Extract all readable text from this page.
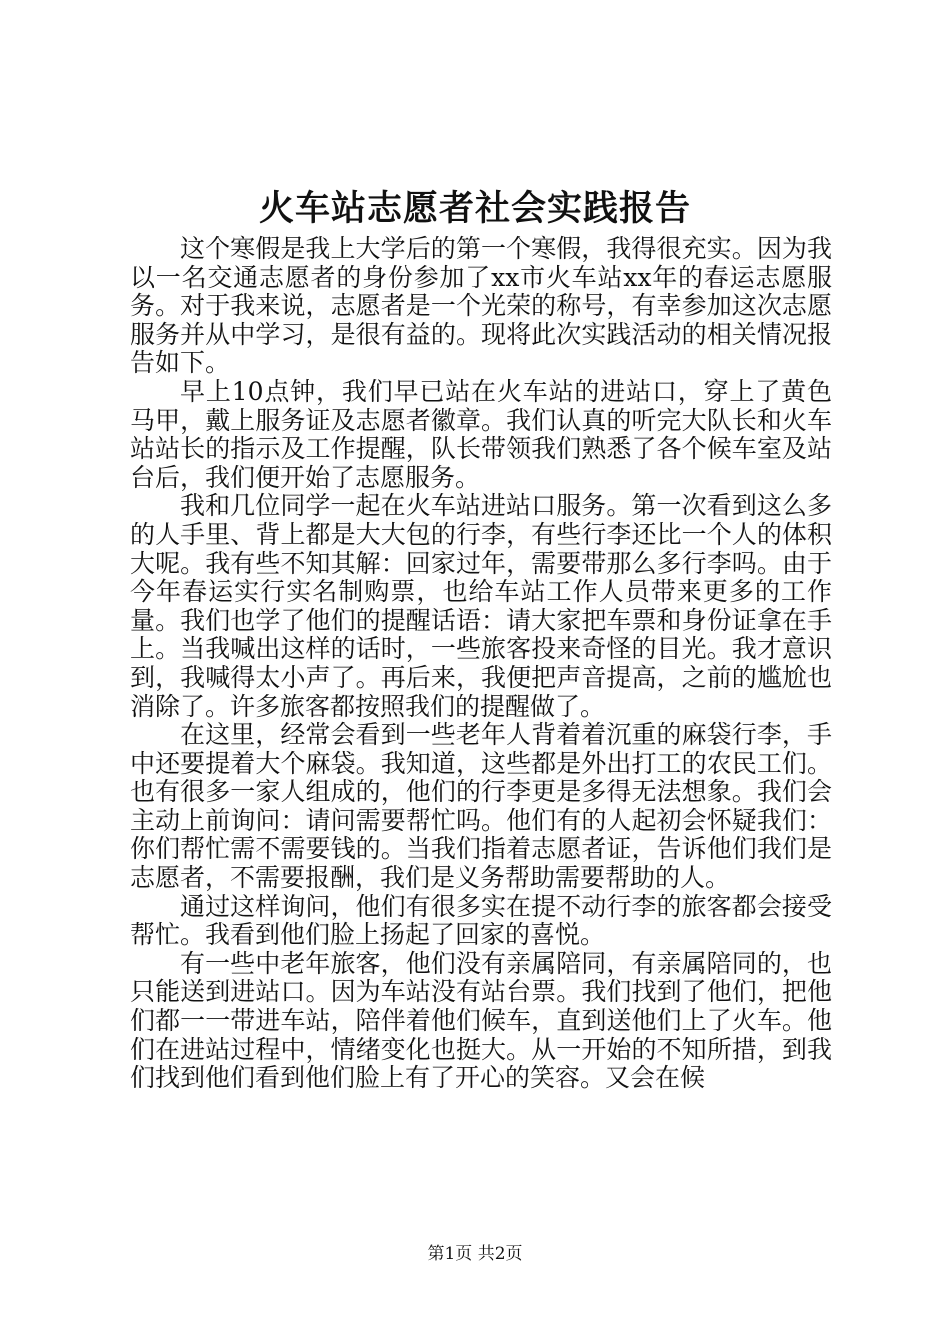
火车站志愿者社会实践报告

这个寒假是我上大学后的第一个寒假，我得很充实。因为我以一名交通志愿者的身份参加了xx市火车站xx年的春运志愿服务。对于我来说，志愿者是一个光荣的称号，有幸参加这次志愿服务并从中学习，是很有益的。现将此次实践活动的相关情况报告如下。

早上10点钟，我们早已站在火车站的进站口，穿上了黄色马甲，戴上服务证及志愿者徽章。我们认真的听完大队长和火车站站长的指示及工作提醒，队长带领我们熟悉了各个候车室及站台后，我们便开始了志愿服务。

我和几位同学一起在火车站进站口服务。第一次看到这么多的人手里、背上都是大大包的行李，有些行李还比一个人的体积大呢。我有些不知其解：回家过年，需要带那么多行李吗。由于今年春运实行实名制购票，也给车站工作人员带来更多的工作量。我们也学了他们的提醒话语：请大家把车票和身份证拿在手上。当我喊出这样的话时，一些旅客投来奇怪的目光。我才意识到，我喊得太小声了。再后来，我便把声音提高，之前的尴尬也消除了。许多旅客都按照我们的提醒做了。

在这里，经常会看到一些老年人背着着沉重的麻袋行李，手中还要提着大个麻袋。我知道，这些都是外出打工的农民工们。也有很多一家人组成的，他们的行李更是多得无法想象。我们会主动上前询问：请问需要帮忙吗。他们有的人起初会怀疑我们：你们帮忙需不需要钱的。当我们指着志愿者证，告诉他们我们是志愿者，不需要报酬，我们是义务帮助需要帮助的人。

通过这样询问，他们有很多实在提不动行李的旅客都会接受帮忙。我看到他们脸上扬起了回家的喜悦。

有一些中老年旅客，他们没有亲属陪同，有亲属陪同的，也只能送到进站口。因为车站没有站台票。我们找到了他们，把他们都一一带进车站，陪伴着他们候车，直到送他们上了火车。他们在进站过程中，情绪变化也挺大。从一开始的不知所措，到我们找到他们看到他们脸上有了开心的笑容。又会在候

第1页 共2页
